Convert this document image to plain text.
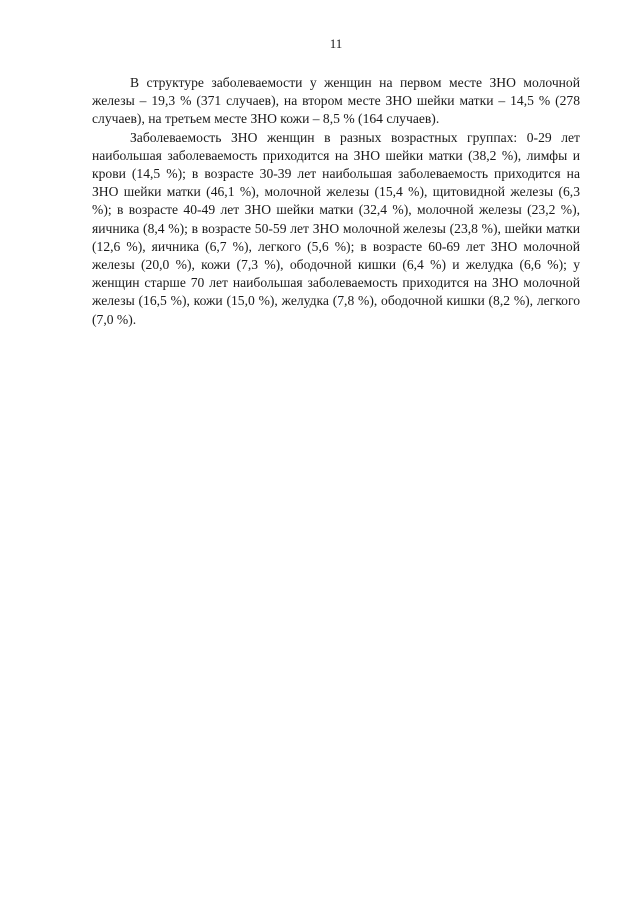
11

В структуре заболеваемости у женщин на первом месте ЗНО молочной железы – 19,3 % (371 случаев), на втором месте ЗНО шейки матки – 14,5 % (278 случаев), на третьем месте ЗНО кожи – 8,5 % (164 случаев).

Заболеваемость ЗНО женщин в разных возрастных группах: 0-29 лет наибольшая заболеваемость приходится на ЗНО шейки матки (38,2 %), лимфы и крови (14,5 %); в возрасте 30-39 лет наибольшая заболеваемость приходится на ЗНО шейки матки (46,1 %), молочной железы (15,4 %), щитовидной железы (6,3 %); в возрасте 40-49 лет ЗНО шейки матки (32,4 %), молочной железы (23,2 %), яичника (8,4 %); в возрасте 50-59 лет ЗНО молочной железы (23,8 %), шейки матки (12,6 %), яичника (6,7 %), легкого (5,6 %); в возрасте 60-69 лет ЗНО молочной железы (20,0 %), кожи (7,3 %), ободочной кишки (6,4 %) и желудка (6,6 %); у женщин старше 70 лет наибольшая заболеваемость приходится на ЗНО молочной железы (16,5 %), кожи (15,0 %), желудка (7,8 %), ободочной кишки (8,2 %), легкого (7,0 %).
